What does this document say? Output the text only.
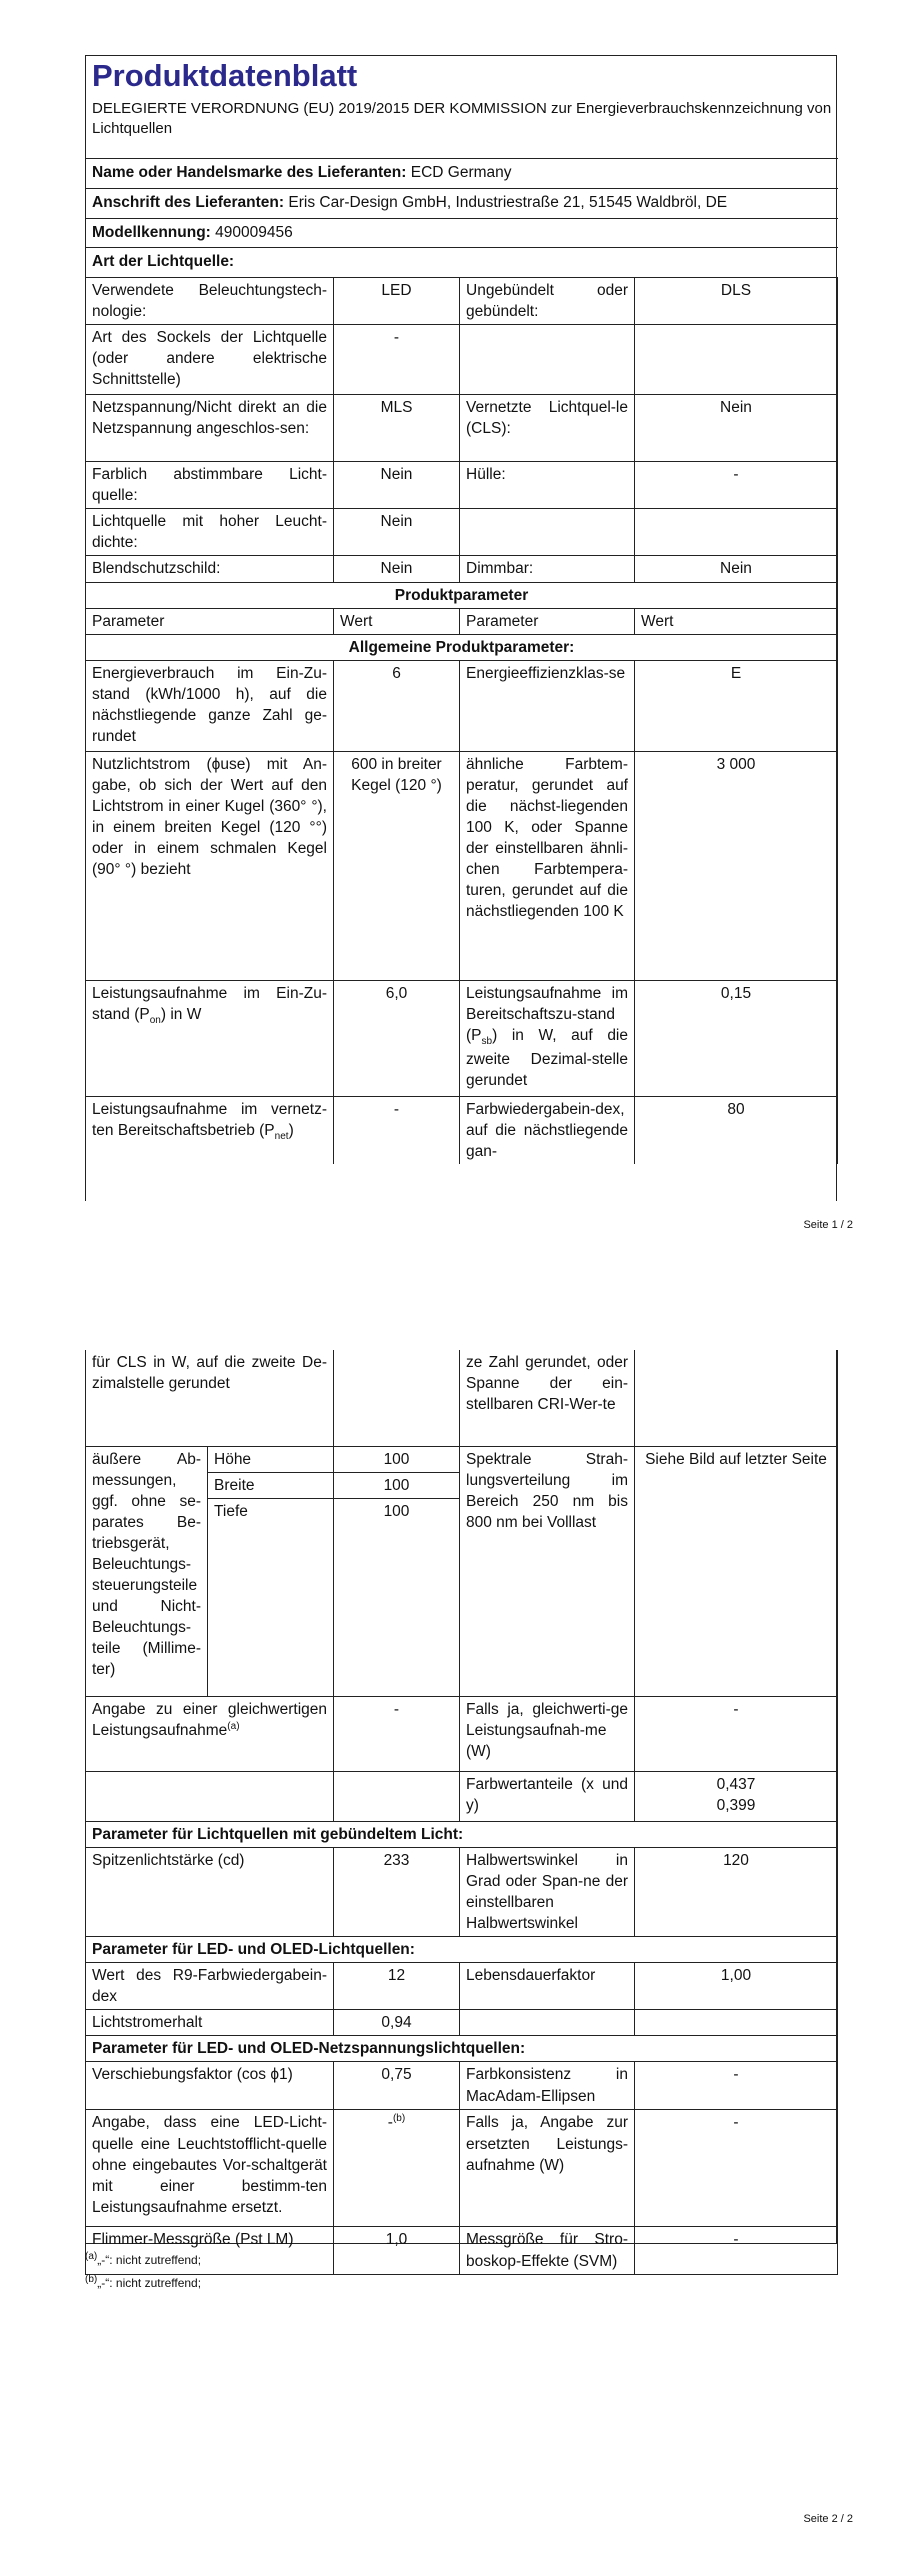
Produktdatenblatt
DELEGIERTE VERORDNUNG (EU) 2019/2015 DER KOMMISSION zur Energieverbrauchskennzeichnung von Lichtquellen
Name oder Handelsmarke des Lieferanten: ECD Germany
Anschrift des Lieferanten: Eris Car-Design GmbH, Industriestraße 21, 51545 Waldbröl, DE
Modellkennung: 490009456
Art der Lichtquelle:
Verwendete Beleuchtungstech-nologie:	LED	Ungebündelt oder gebündelt:	DLS
Art des Sockels der Lichtquelle (oder andere elektrische Schnittstelle)	-		
Netzspannung/Nicht direkt an die Netzspannung angeschlos-sen:	MLS	Vernetzte Lichtquel-le (CLS):	Nein
Farblich abstimmbare Licht-quelle:	Nein	Hülle:	-
Lichtquelle mit hoher Leucht-dichte:	Nein		
Blendschutzschild:	Nein	Dimmbar:	Nein
Produktparameter			
Parameter	Wert	Parameter	Wert
Allgemeine Produktparameter:			
Energieverbrauch im Ein-Zu-stand (kWh/1000 h), auf die nächstliegende ganze Zahl ge-rundet	6	Energieeffizienzklas-se	E
Nutzlichtstrom (ϕuse) mit An-gabe, ob sich der Wert auf den Lichtstrom in einer Kugel (360° °), in einem breiten Kegel (120 °°) oder in einem schmalen Kegel (90° °) bezieht	600 in breiter Kegel (120 °)	ähnliche Farbtem-peratur, gerundet auf die nächst-liegenden 100 K, oder Spanne der einstellbaren ähnli-chen Farbtempera-turen, gerundet auf die nächstliegenden 100 K	3 000
Leistungsaufnahme im Ein-Zu-stand $(P_{on})$ in W	6,0	Leistungsaufnahme im Bereitschaftszu-stand $(P_{sb})$ in W, auf die zweite Dezimal-stelle gerundet	0,15
Leistungsaufnahme im vernetz-ten Bereitschaftsbetrieb $(P_{net})$	-	Farbwiedergabein-dex, auf die nächstliegende gan-	80
Seite 1 / 2
für CLS in W, auf die zweite De-zimalstelle gerundet			ze Zahl gerundet, oder Spanne der ein-stellbaren CRI-Wer-te	
äußere Ab-messungen, ggf. ohne se-parates Be-triebsgerät, Beleuchtungs-steuerungsteile und Nicht-Beleuchtungs-teile (Millime-ter)	Höhe	100	Spektrale Strah-lungsverteilung im Bereich 250 nm bis 800 nm bei Volllast	Siehe Bild auf letzter Seite
	Breite	100		
	Tiefe	100		
Angabe zu einer gleichwertigen Leistungsaufnahme$^{(a)}$		-	Falls ja, gleichwerti-ge Leistungsaufnah-me (W)	-
			Farbwertanteile (x und y)	0,437
0,399

Parameter für Lichtquellen mit gebündeltem Licht:				
Spitzenlichtstärke (cd)		233	Halbwertswinkel in Grad oder Span-ne der einstellbaren Halbwertswinkel	120
Parameter für LED- und OLED-Lichtquellen:				
Wert des R9-Farbwiedergabein-dex		12	Lebensdauerfaktor	1,00
Lichtstromerhalt		0,94		
Parameter für LED- und OLED-Netzspannungslichtquellen:				
Verschiebungsfaktor (cos ϕ1)		0,75	Farbkonsistenz in MacAdam-Ellipsen	-
Angabe, dass eine LED-Licht-quelle eine Leuchtstofflicht-quelle ohne eingebautes Vor-schaltgerät mit einer bestimm-ten Leistungsaufnahme ersetzt.		-$^{(b)}$	Falls ja, Angabe zur ersetzten Leistungs-aufnahme (W)	-
Flimmer-Messgröße (Pst LM)		1,0	Messgröße für Stro-boskop-Effekte (SVM)	-
$^{(a)}$„-“: nicht zutreffend;
$^{(b)}$„-“: nicht zutreffend;
Seite 2 / 2
